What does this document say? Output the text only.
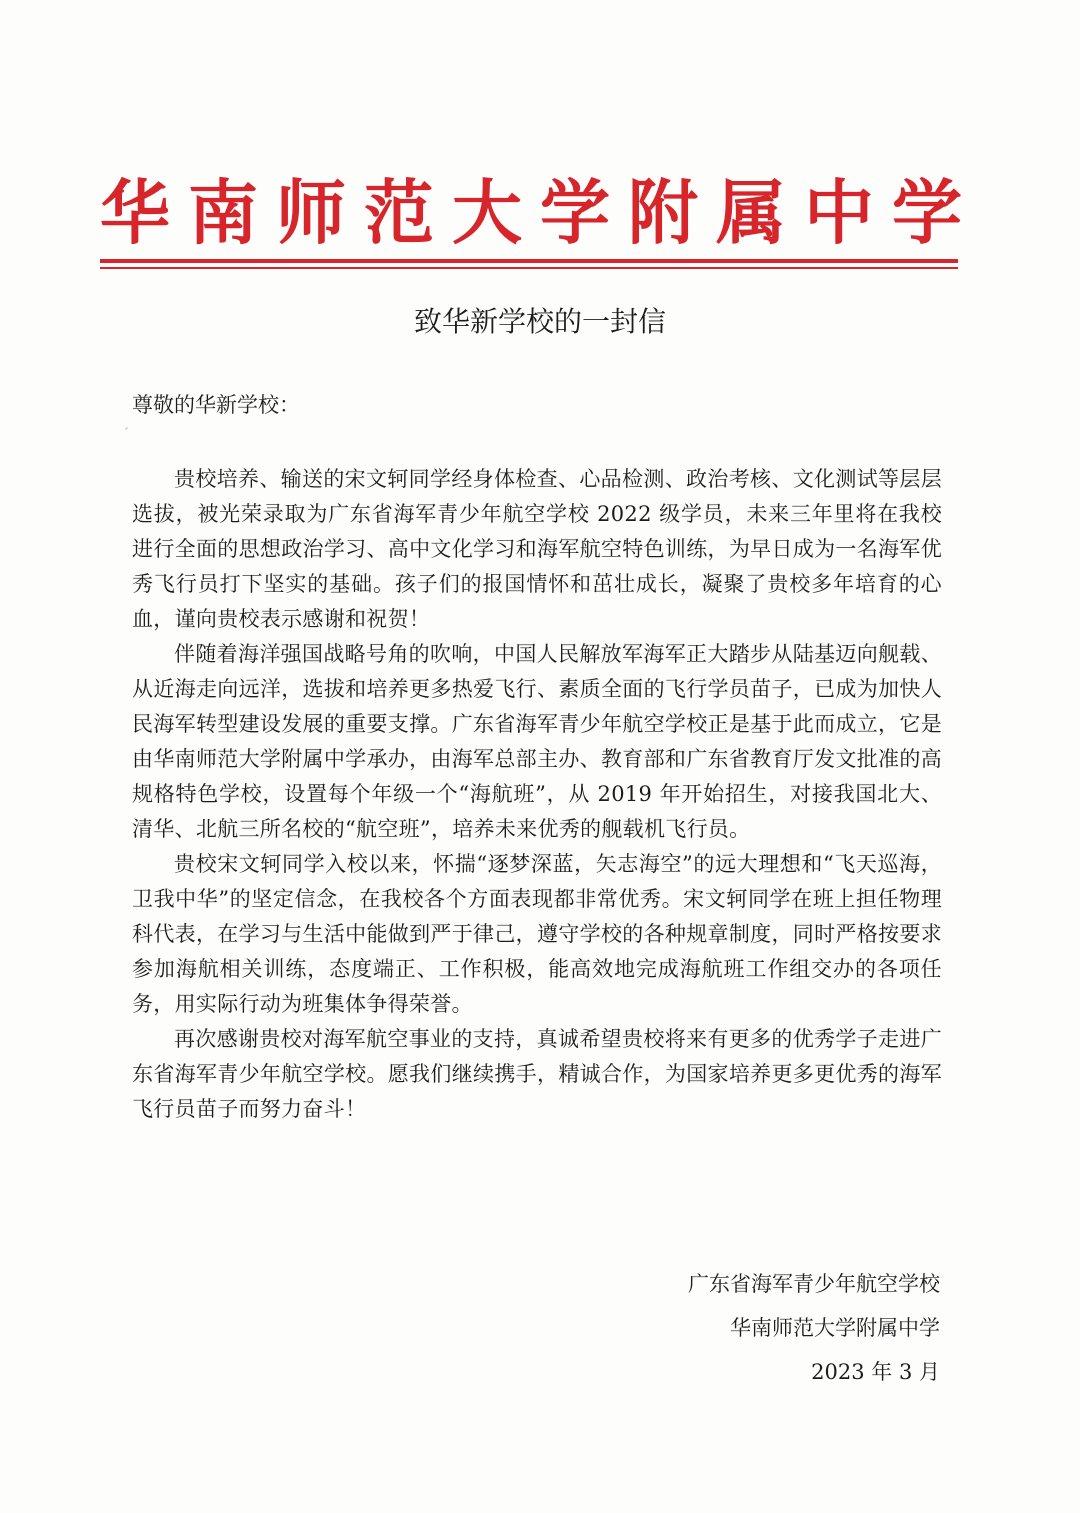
华南师范大学附属中学
致华新学校的一封信
尊敬的华新学校：

贵校培养、输送的宋文轲同学经身体检查、心品检测、政治考核、文化测试等层层选拔，被光荣录取为广东省海军青少年航空学校 2022 级学员，未来三年里将在我校进行全面的思想政治学习、高中文化学习和海军航空特色训练，为早日成为一名海军优秀飞行员打下坚实的基础。孩子们的报国情怀和茁壮成长，凝聚了贵校多年培育的心血，谨向贵校表示感谢和祝贺！

伴随着海洋强国战略号角的吹响，中国人民解放军海军正大踏步从陆基迈向舰载、从近海走向远洋，选拔和培养更多热爱飞行、素质全面的飞行学员苗子，已成为加快人民海军转型建设发展的重要支撑。广东省海军青少年航空学校正是基于此而成立，它是由华南师范大学附属中学承办，由海军总部主办、教育部和广东省教育厅发文批准的高规格特色学校，设置每个年级一个“海航班”，从 2019 年开始招生，对接我国北大、清华、北航三所名校的“航空班”，培养未来优秀的舰载机飞行员。

贵校宋文轲同学入校以来，怀揣“逐梦深蓝，矢志海空”的远大理想和“飞天巡海，卫我中华”的坚定信念，在我校各个方面表现都非常优秀。宋文轲同学在班上担任物理科代表，在学习与生活中能做到严于律己，遵守学校的各种规章制度，同时严格按要求参加海航相关训练，态度端正、工作积极，能高效地完成海航班工作组交办的各项任务，用实际行动为班集体争得荣誉。

再次感谢贵校对海军航空事业的支持，真诚希望贵校将来有更多的优秀学子走进广东省海军青少年航空学校。愿我们继续携手，精诚合作，为国家培养更多更优秀的海军飞行员苗子而努力奋斗！

广东省海军青少年航空学校
华南师范大学附属中学
2023 年 3 月
